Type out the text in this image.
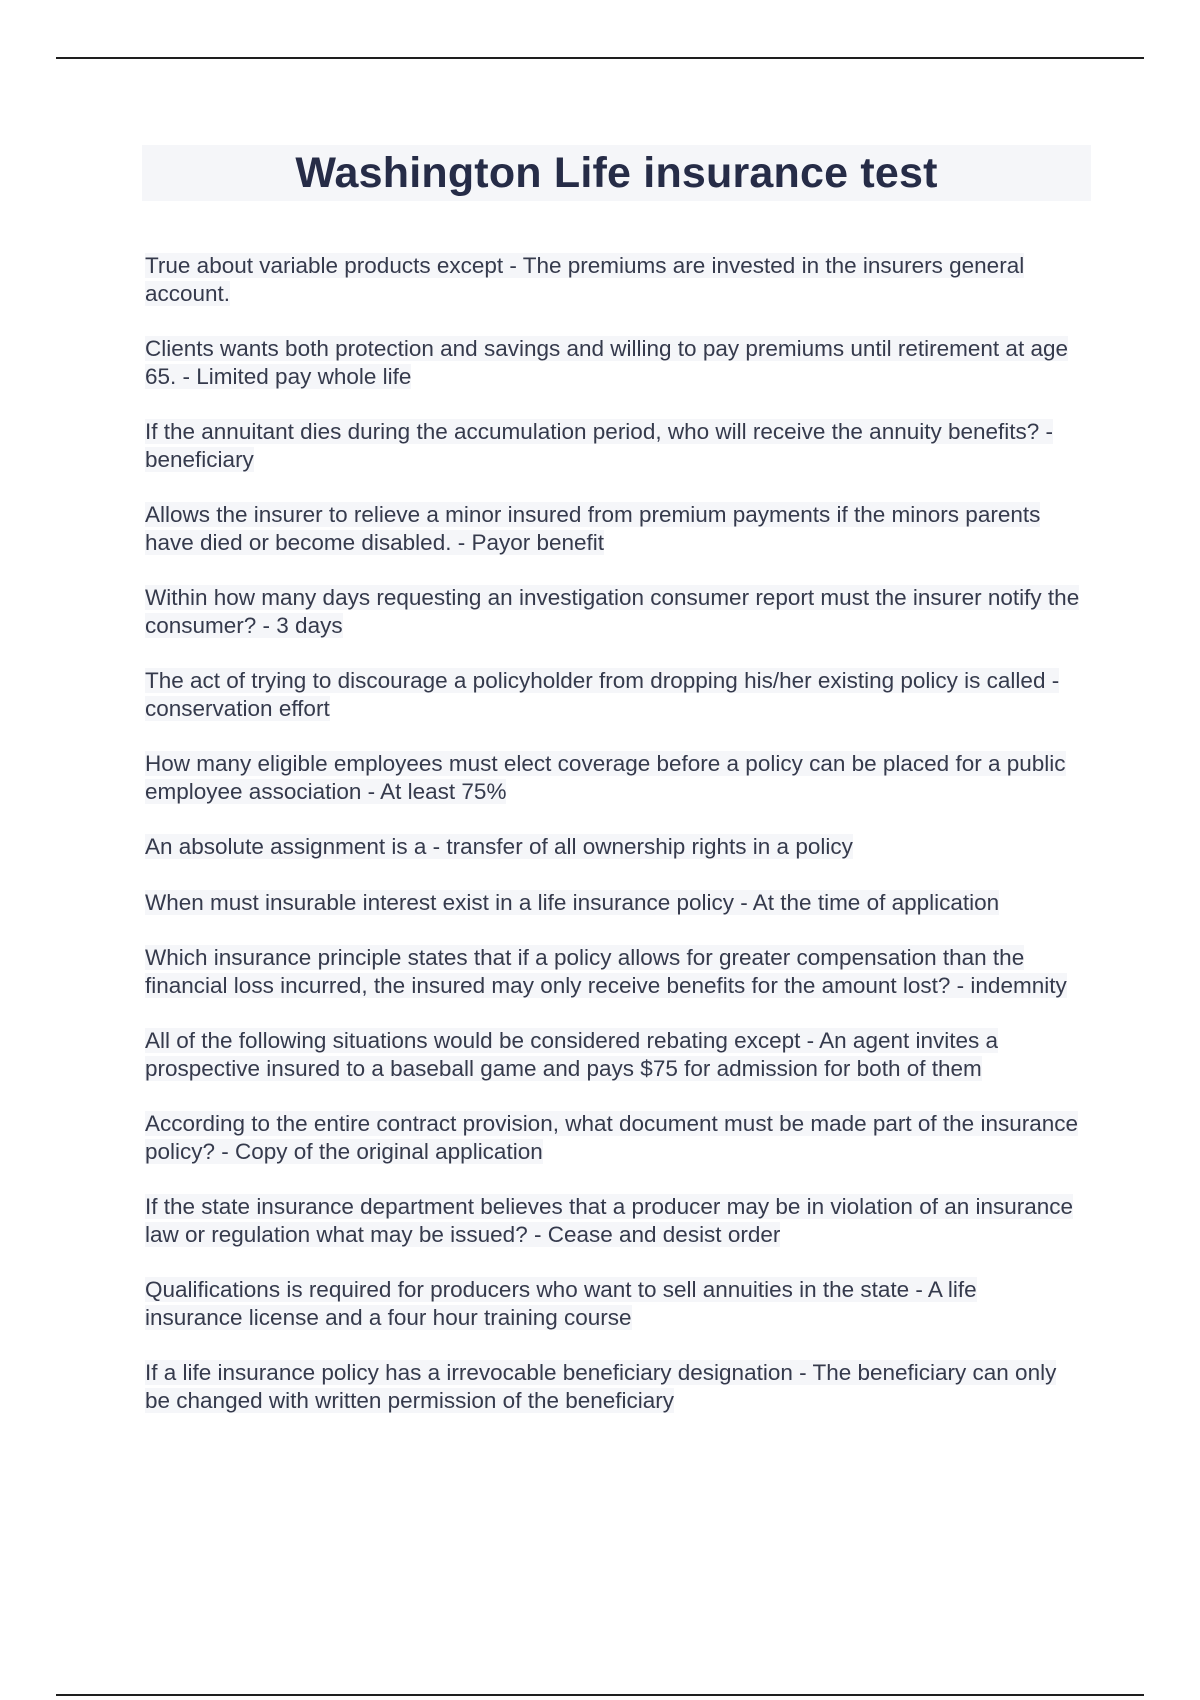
Washington Life insurance test
True about variable products except - The premiums are invested in the insurers general account.
Clients wants both protection and savings and willing to pay premiums until retirement at age 65. - Limited pay whole life
If the annuitant dies during the accumulation period, who will receive the annuity benefits? - beneficiary
Allows the insurer to relieve a minor insured from premium payments if the minors parents have died or become disabled. - Payor benefit
Within how many days requesting an investigation consumer report must the insurer notify the consumer? - 3 days
The act of trying to discourage a policyholder from dropping his/her existing policy is called - conservation effort
How many eligible employees must elect coverage before a policy can be placed for a public employee association - At least 75%
An absolute assignment is a - transfer of all ownership rights in a policy
When must insurable interest exist in a life insurance policy - At the time of application
Which insurance principle states that if a policy allows for greater compensation than the financial loss incurred, the insured may only receive benefits for the amount lost? - indemnity
All of the following situations would be considered rebating except - An agent invites a prospective insured to a baseball game and pays $75 for admission for both of them
According to the entire contract provision, what document must be made part of the insurance policy? - Copy of the original application
If the state insurance department believes that a producer may be in violation of an insurance law or regulation what may be issued? - Cease and desist order
Qualifications is required for producers who want to sell annuities in the state - A life insurance license and a four hour training course
If a life insurance policy has a irrevocable beneficiary designation - The beneficiary can only be changed with written permission of the beneficiary
